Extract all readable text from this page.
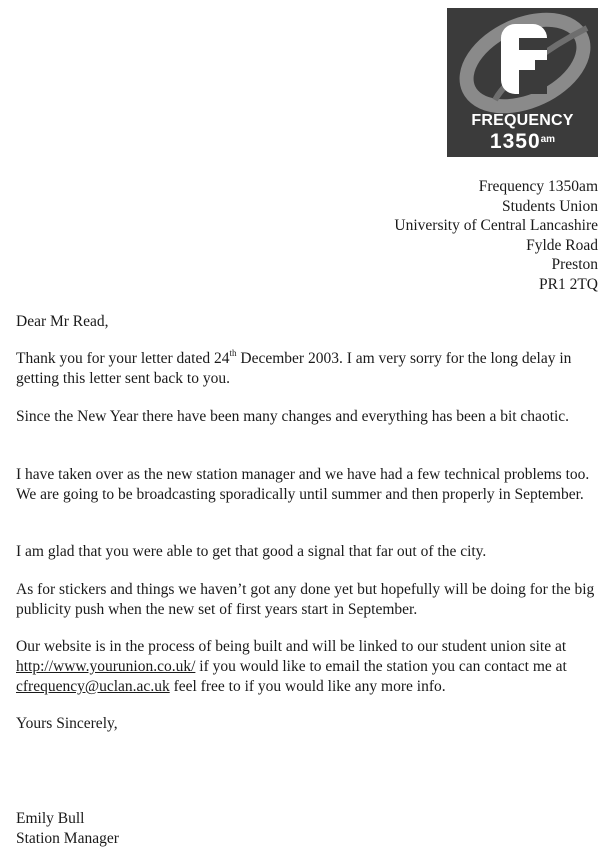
FREQUENCY
$1350^{am}$
Frequency 1350am
Students Union
University of Central Lancashire
Fylde Road
Preston
PR1 2TQ
Dear Mr Read,
Thank you for your letter dated 24th December 2003. I am very sorry for the long delay in getting this letter sent back to you.
Since the New Year there have been many changes and everything has been a bit chaotic.
I have taken over as the new station manager and we have had a few technical problems too. We are going to be broadcasting sporadically until summer and then properly in September.
I am glad that you were able to get that good a signal that far out of the city.
As for stickers and things we haven’t got any done yet but hopefully will be doing for the big publicity push when the new set of first years start in September.
Our website is in the process of being built and will be linked to our student union site at http://www.yourunion.co.uk/ if you would like to email the station you can contact me at cfrequency@uclan.ac.uk feel free to if you would like any more info.
Yours Sincerely,
Emily Bull
Station Manager
